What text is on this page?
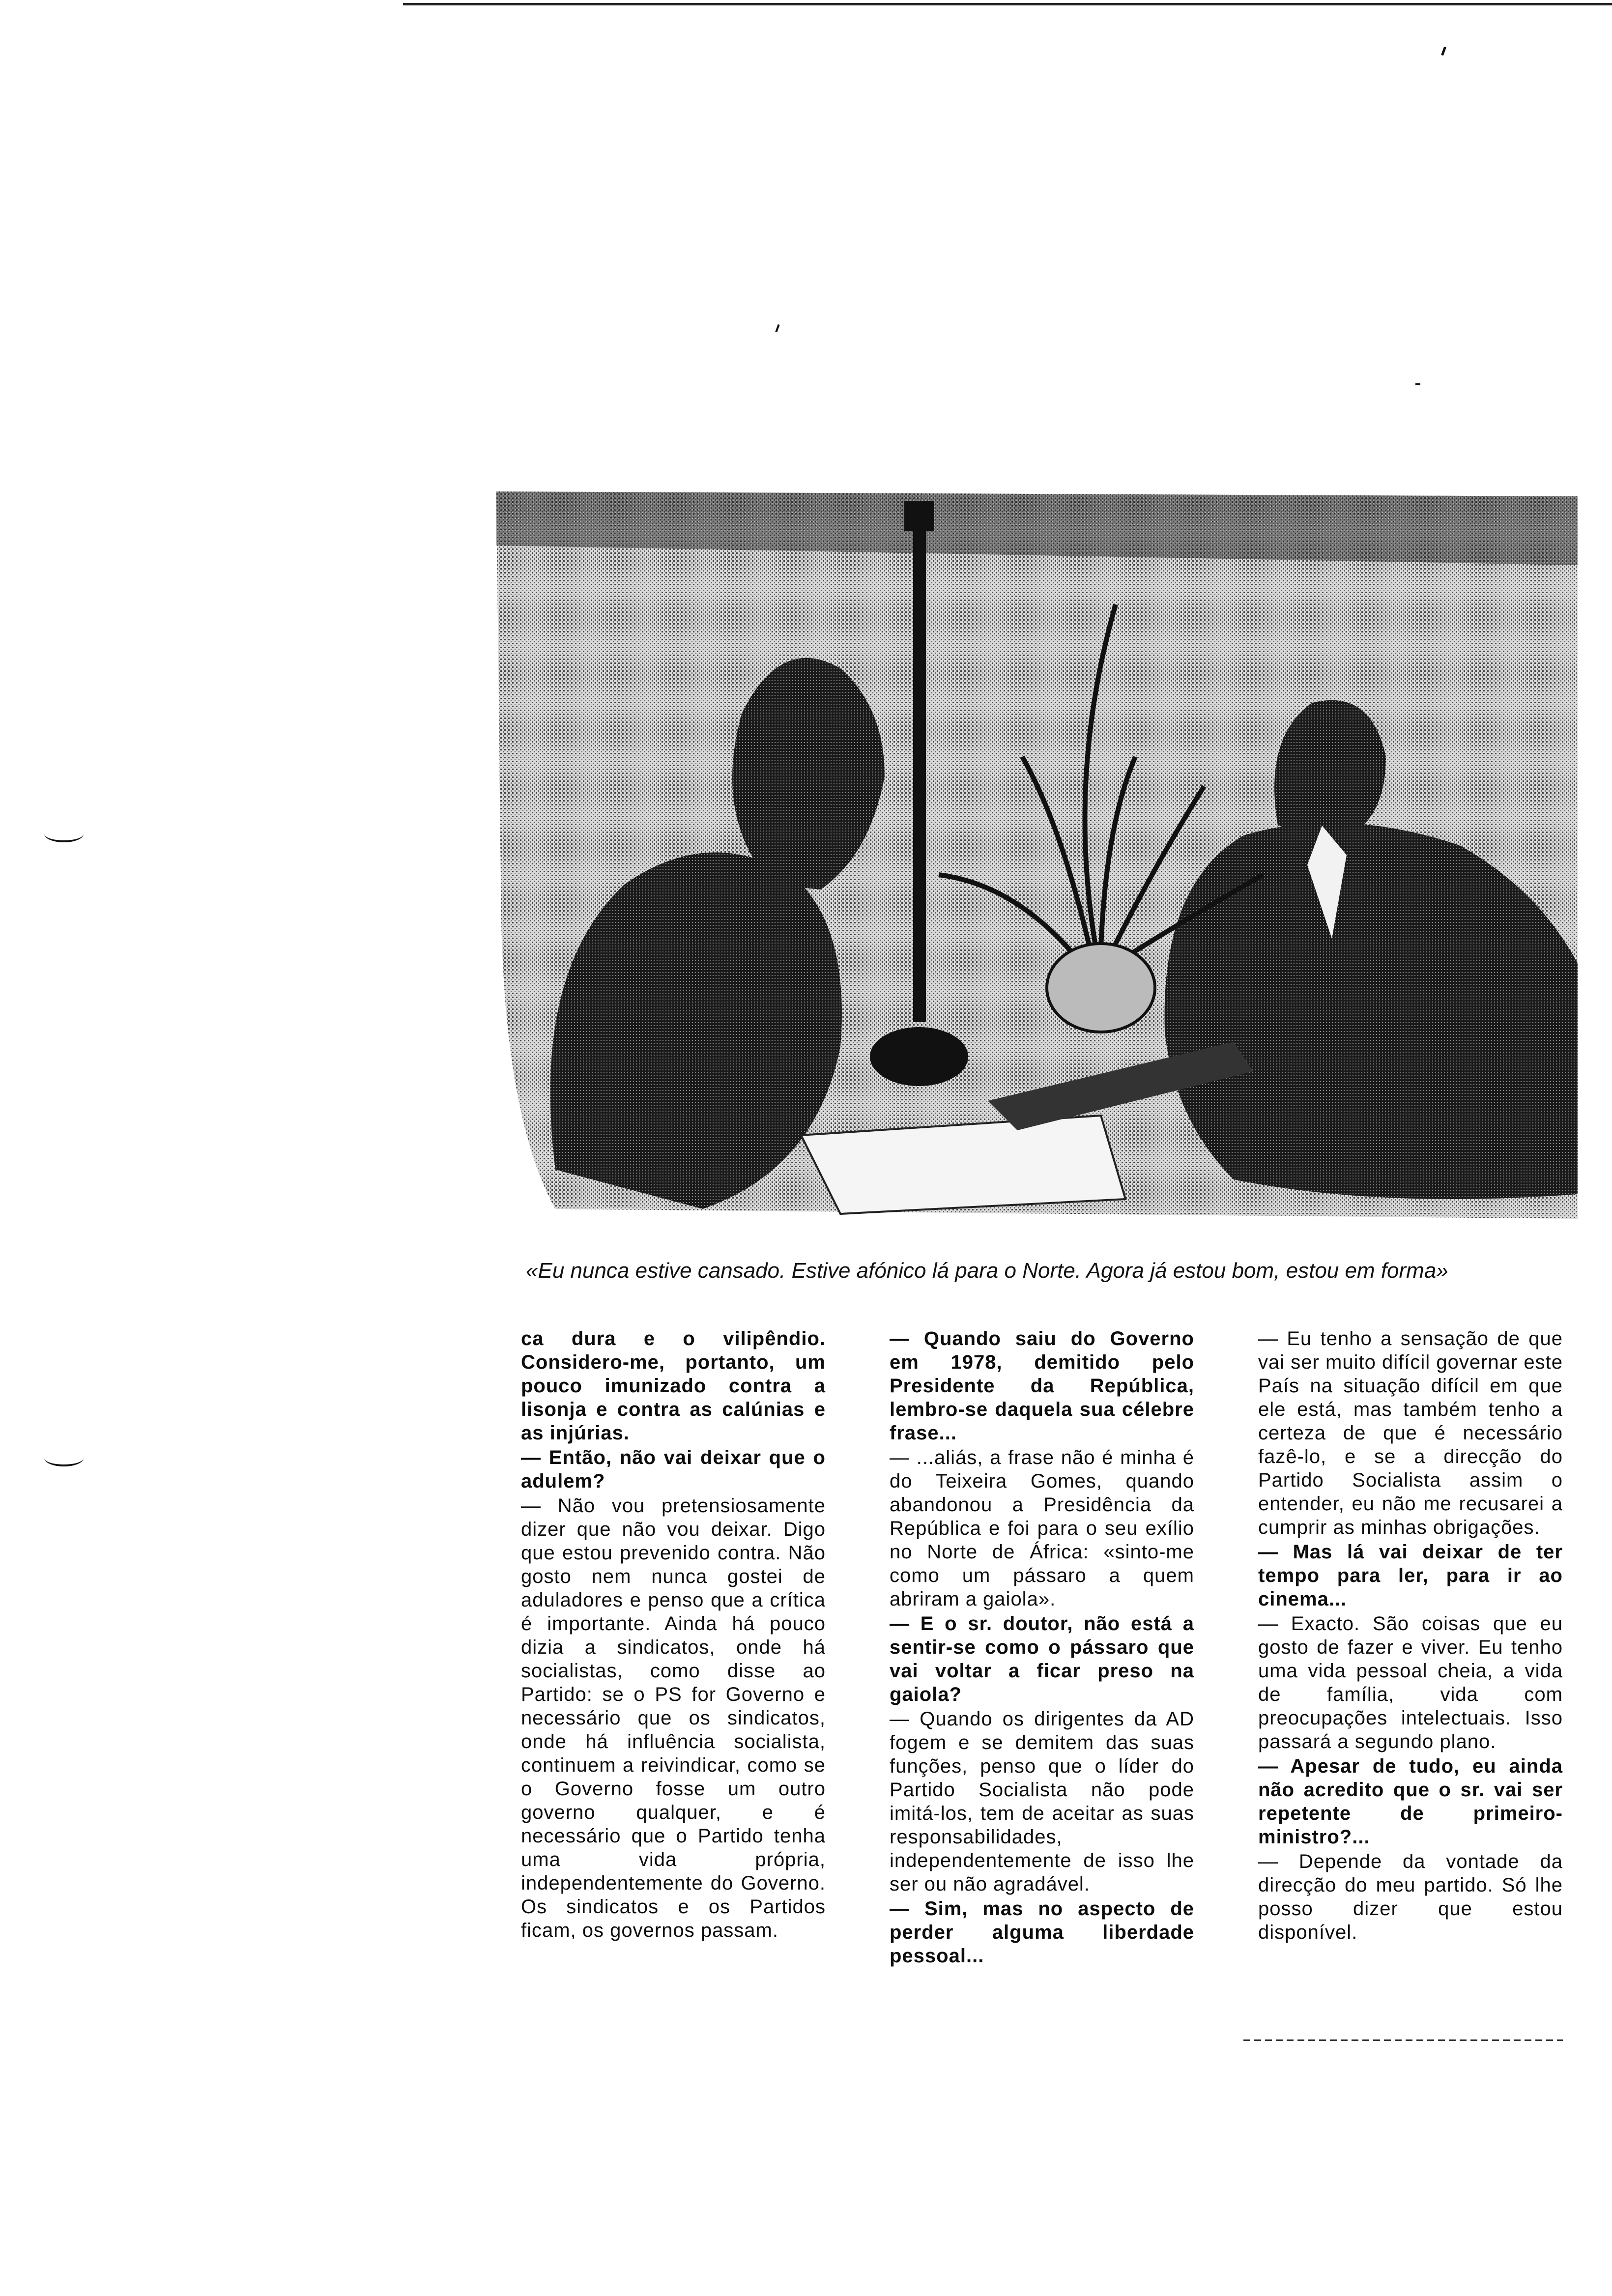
«Eu nunca estive cansado. Estive afónico lá para o Norte. Agora já estou bom, estou em forma»

ca dura e o vilipêndio. Considero-me, portanto, um pouco imunizado contra a lisonja e contra as calúnias e as injúrias.

— Então, não vai deixar que o adulem?

— Não vou pretensiosamente dizer que não vou deixar. Digo que estou prevenido contra. Não gosto nem nunca gostei de aduladores e penso que a crítica é importante. Ainda há pouco dizia a sindicatos, onde há socialistas, como disse ao Partido: se o PS for Governo e necessário que os sindicatos, onde há influência socialista, continuem a reivindicar, como se o Governo fosse um outro governo qualquer, e é necessário que o Partido tenha uma vida própria, independentemente do Governo. Os sindicatos e os Partidos ficam, os governos passam.

— Quando saiu do Governo em 1978, demitido pelo Presidente da República, lembro-se daquela sua célebre frase...

— ...aliás, a frase não é minha é do Teixeira Gomes, quando abandonou a Presidência da República e foi para o seu exílio no Norte de África: «sinto-me como um pássaro a quem abriram a gaiola».

— E o sr. doutor, não está a sentir-se como o pássaro que vai voltar a ficar preso na gaiola?

— Quando os dirigentes da AD fogem e se demitem das suas funções, penso que o líder do Partido Socialista não pode imitá-los, tem de aceitar as suas responsabilidades, independentemente de isso lhe ser ou não agradável.

— Sim, mas no aspecto de perder alguma liberdade pessoal...

— Eu tenho a sensação de que vai ser muito difícil governar este País na situação difícil em que ele está, mas também tenho a certeza de que é necessário fazê-lo, e se a direcção do Partido Socialista assim o entender, eu não me recusarei a cumprir as minhas obrigações.

— Mas lá vai deixar de ter tempo para ler, para ir ao cinema...

— Exacto. São coisas que eu gosto de fazer e viver. Eu tenho uma vida pessoal cheia, a vida de família, vida com preocupações intelectuais. Isso passará a segundo plano.

— Apesar de tudo, eu ainda não acredito que o sr. vai ser repetente de primeiro-ministro?...

— Depende da vontade da direcção do meu partido. Só lhe posso dizer que estou disponível.
